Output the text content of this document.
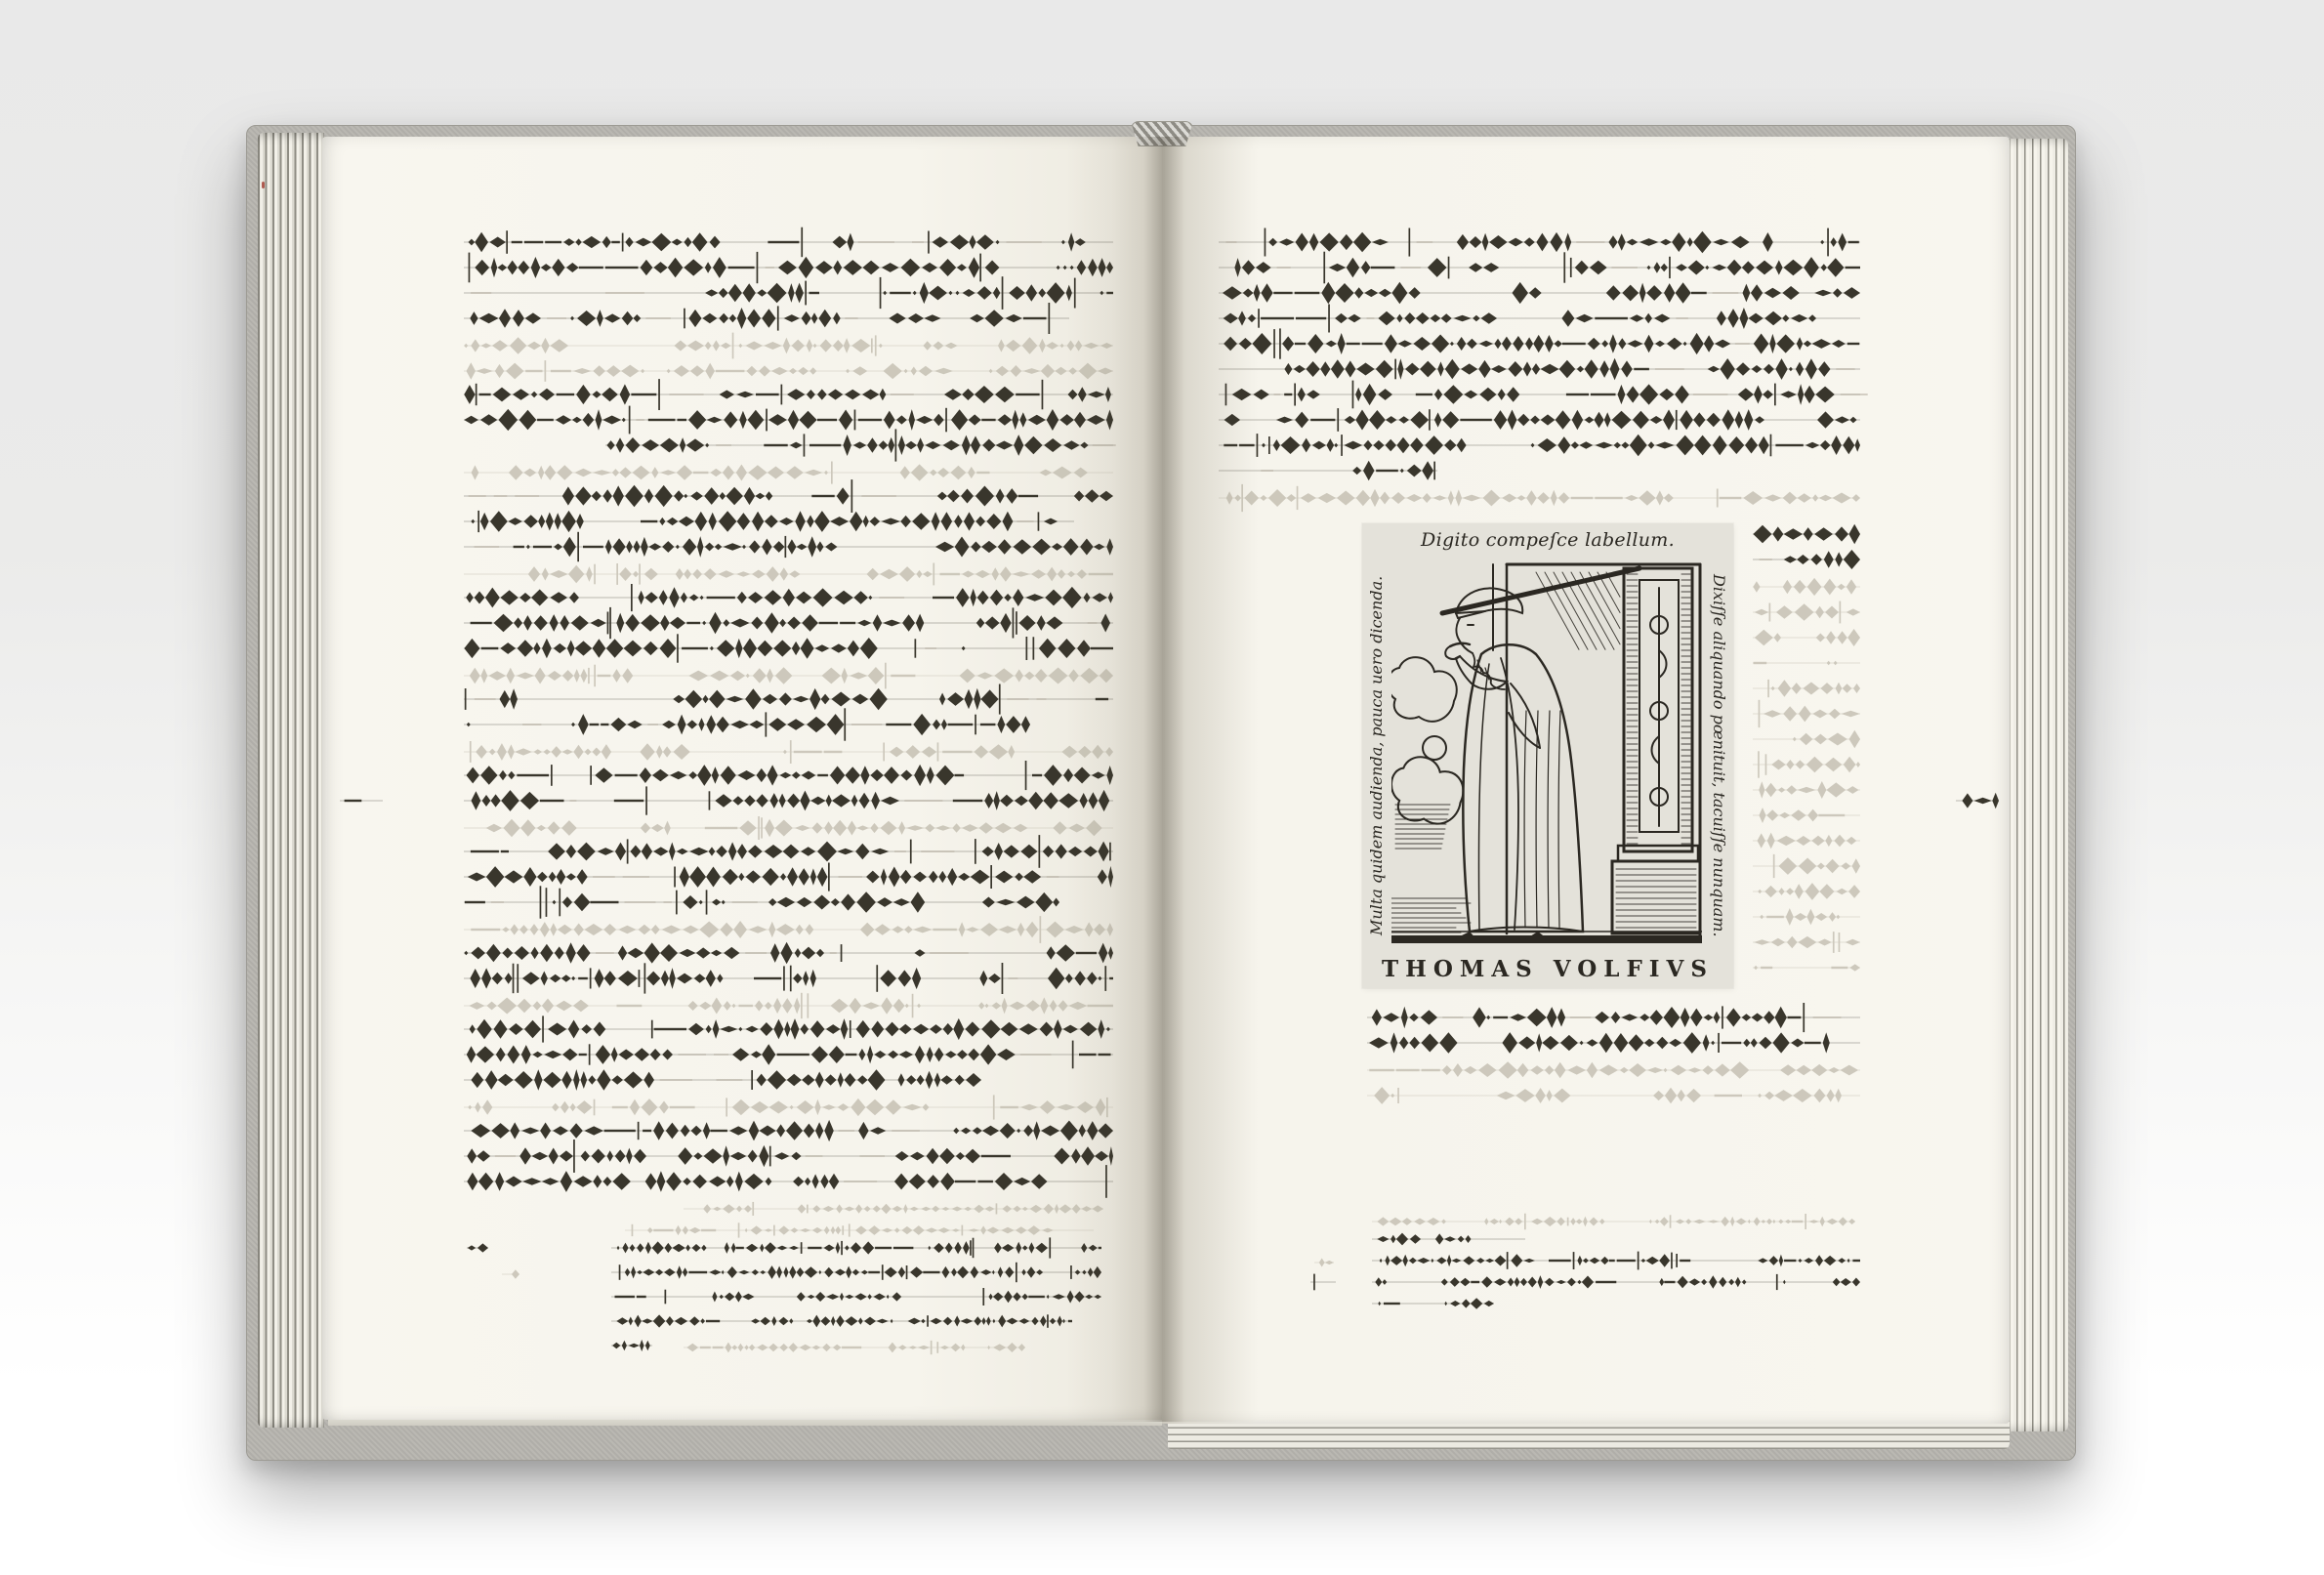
Digito compeſce labellum.
Multa quidem audienda, pauca uero dicenda.	Dixiſſe aliquando pœnituit, tacuiſſe nunquam.
THOMAS VOLFIVS
